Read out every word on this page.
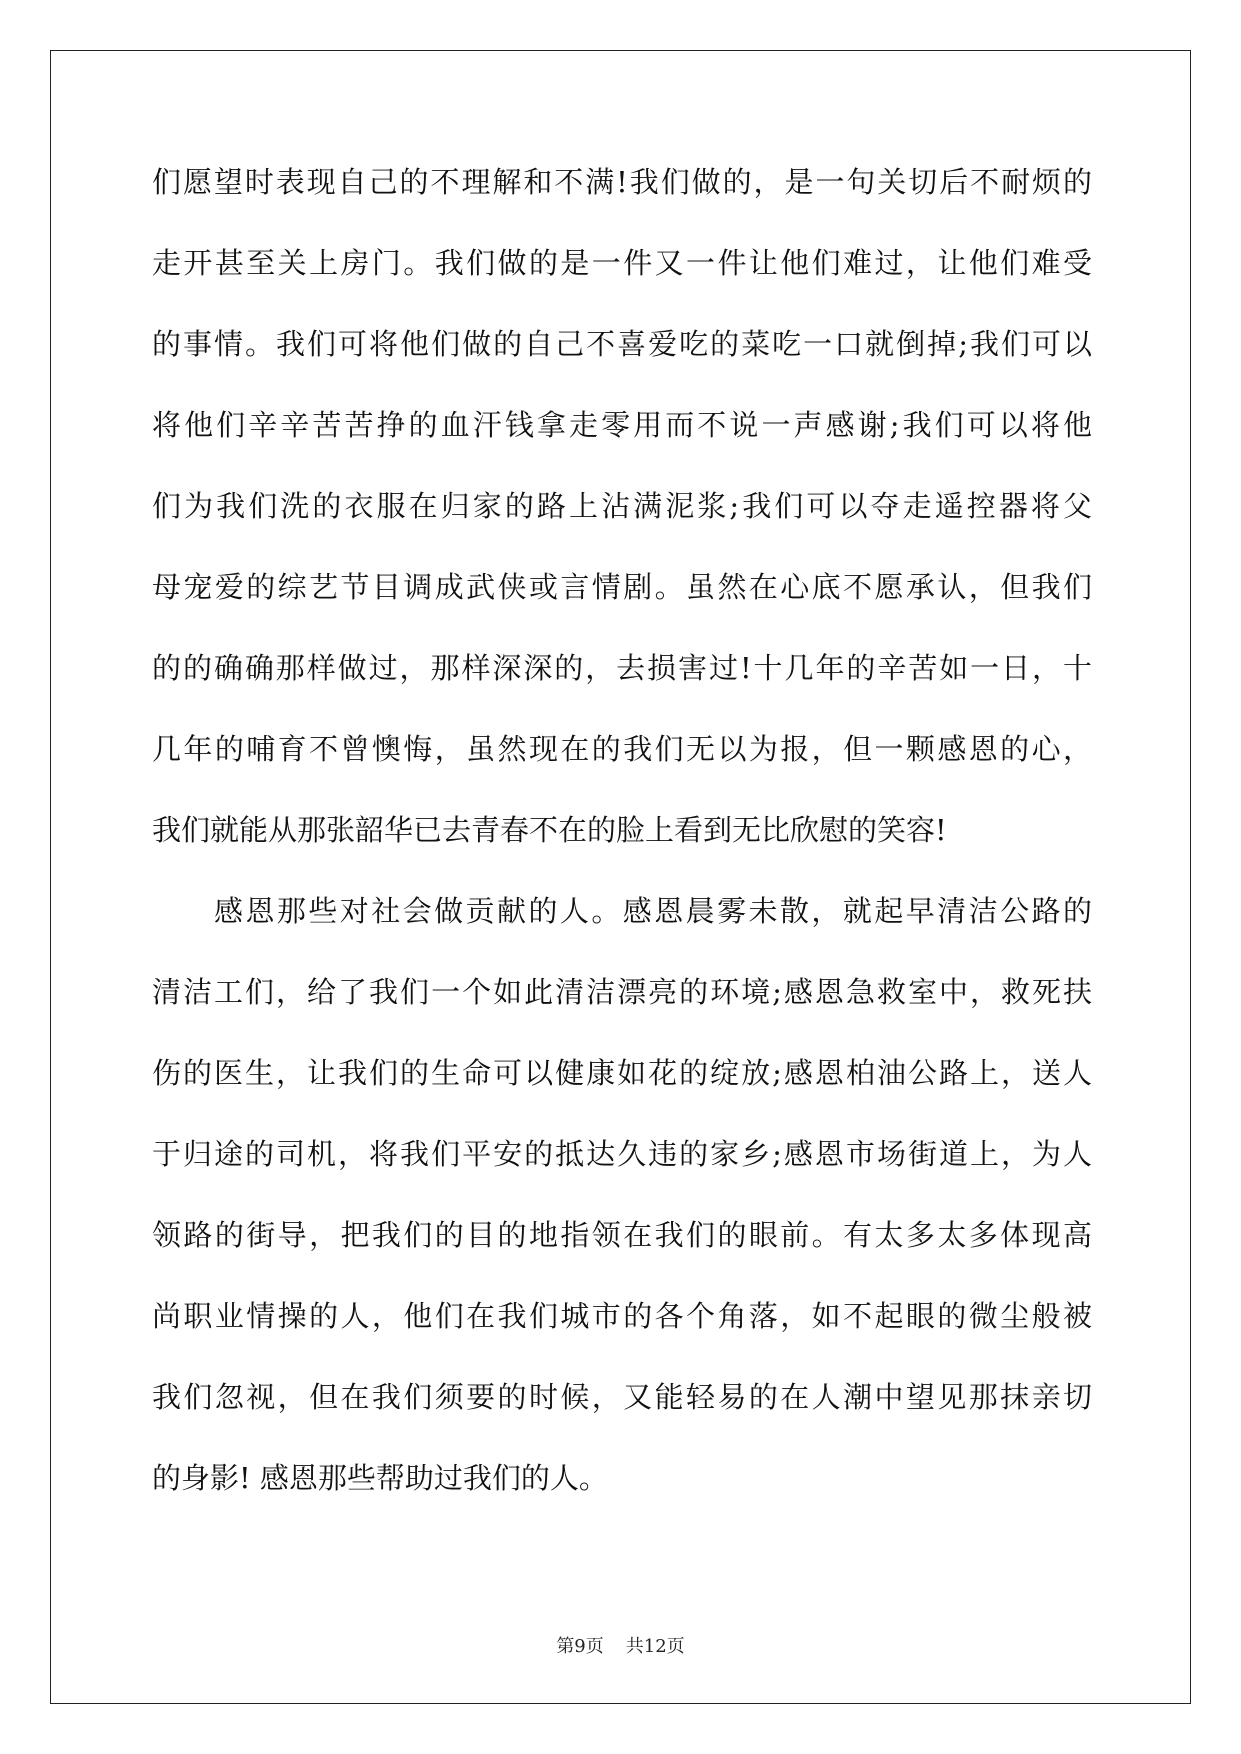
们愿望时表现自己的不理解和不满!我们做的，是一句关切后不耐烦的
走开甚至关上房门。我们做的是一件又一件让他们难过，让他们难受
的事情。我们可将他们做的自己不喜爱吃的菜吃一口就倒掉;我们可以
将他们辛辛苦苦挣的血汗钱拿走零用而不说一声感谢;我们可以将他
们为我们洗的衣服在归家的路上沾满泥浆;我们可以夺走遥控器将父
母宠爱的综艺节目调成武侠或言情剧。虽然在心底不愿承认，但我们
的的确确那样做过，那样深深的，去损害过!十几年的辛苦如一日，十
几年的哺育不曾懊悔，虽然现在的我们无以为报，但一颗感恩的心，
我们就能从那张韶华已去青春不在的脸上看到无比欣慰的笑容!
感恩那些对社会做贡献的人。感恩晨雾未散，就起早清洁公路的
清洁工们，给了我们一个如此清洁漂亮的环境;感恩急救室中，救死扶
伤的医生，让我们的生命可以健康如花的绽放;感恩柏油公路上，送人
于归途的司机，将我们平安的抵达久违的家乡;感恩市场街道上，为人
领路的街导，把我们的目的地指领在我们的眼前。有太多太多体现高
尚职业情操的人，他们在我们城市的各个角落，如不起眼的微尘般被
我们忽视，但在我们须要的时候，又能轻易的在人潮中望见那抹亲切
的身影! 感恩那些帮助过我们的人。
第9页 共12页
